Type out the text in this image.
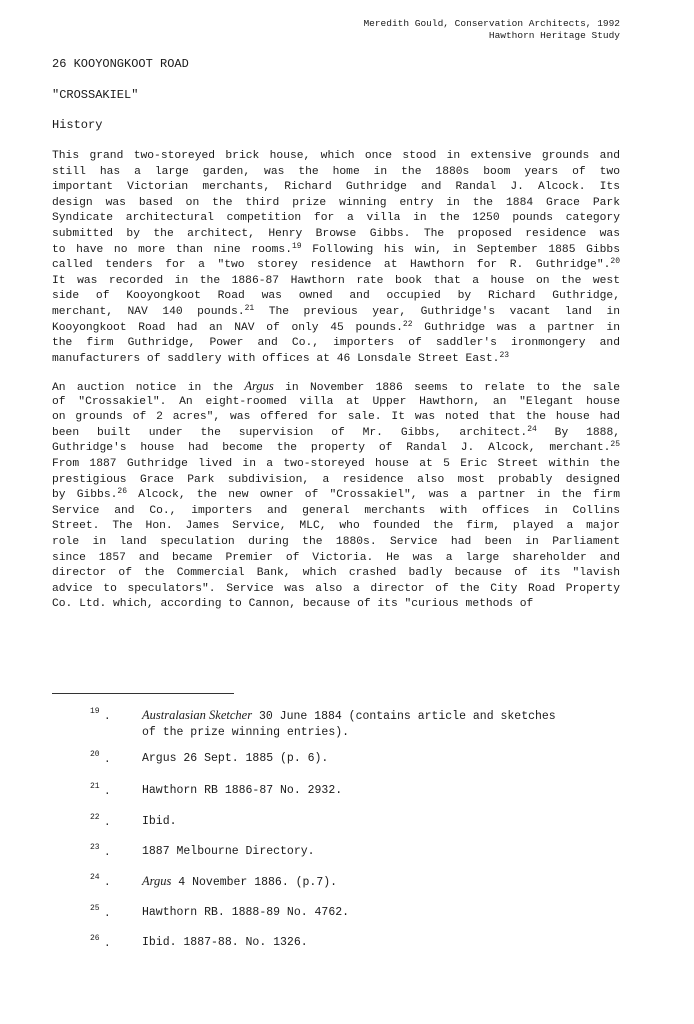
Meredith Gould, Conservation Architects, 1992
Hawthorn Heritage Study
26 KOOYONGKOOT ROAD
"CROSSAKIEL"
History
This grand two-storeyed brick house, which once stood in extensive grounds and
still has a large garden, was the home in the 1880s boom years of two
important Victorian merchants, Richard Guthridge and Randal J. Alcock. Its
design was based on the third prize winning entry in the 1884 Grace Park
Syndicate architectural competition for a villa in the 1250 pounds category
submitted by the architect, Henry Browse Gibbs. The proposed residence was
to have no more than nine rooms.$^{19}$ Following his win, in September 1885 Gibbs
called tenders for a "two storey residence at Hawthorn for R. Guthridge".$^{20}$
It was recorded in the 1886-87 Hawthorn rate book that a house on the west
side of Kooyongkoot Road was owned and occupied by Richard Guthridge,
merchant, NAV 140 pounds.$^{21}$ The previous year, Guthridge's vacant land in
Kooyongkoot Road had an NAV of only 45 pounds.$^{22}$ Guthridge was a partner in
the firm Guthridge, Power and Co., importers of saddler's ironmongery and
manufacturers of saddlery with offices at 46 Lonsdale Street East.$^{23}$
An auction notice in the Argus in November 1886 seems to relate to the sale
of "Crossakiel". An eight-roomed villa at Upper Hawthorn, an "Elegant house
on grounds of 2 acres", was offered for sale. It was noted that the house had
been built under the supervision of Mr. Gibbs, architect.$^{24}$ By 1888,
Guthridge's house had become the property of Randal J. Alcock, merchant.$^{25}$
From 1887 Guthridge lived in a two-storeyed house at 5 Eric Street within the
prestigious Grace Park subdivision, a residence also most probably designed
by Gibbs.$^{26}$ Alcock, the new owner of "Crossakiel", was a partner in the firm
Service and Co., importers and general merchants with offices in Collins
Street. The Hon. James Service, MLC, who founded the firm, played a major
role in land speculation during the 1880s. Service had been in Parliament
since 1857 and became Premier of Victoria. He was a large shareholder and
director of the Commercial Bank, which crashed badly because of its "lavish
advice to speculators". Service was also a director of the City Road Property
Co. Ltd. which, according to Cannon, because of its "curious methods of
19 .	Australasian Sketcher 30 June 1884 (contains article and sketches
of the prize winning entries).
20 .	Argus 26 Sept. 1885 (p. 6).
21 .	Hawthorn RB 1886-87 No. 2932.
22 .	Ibid.
23 .	1887 Melbourne Directory.
24 .	Argus 4 November 1886. (p.7).
25 .	Hawthorn RB. 1888-89 No. 4762.
26 .	Ibid. 1887-88. No. 1326.
